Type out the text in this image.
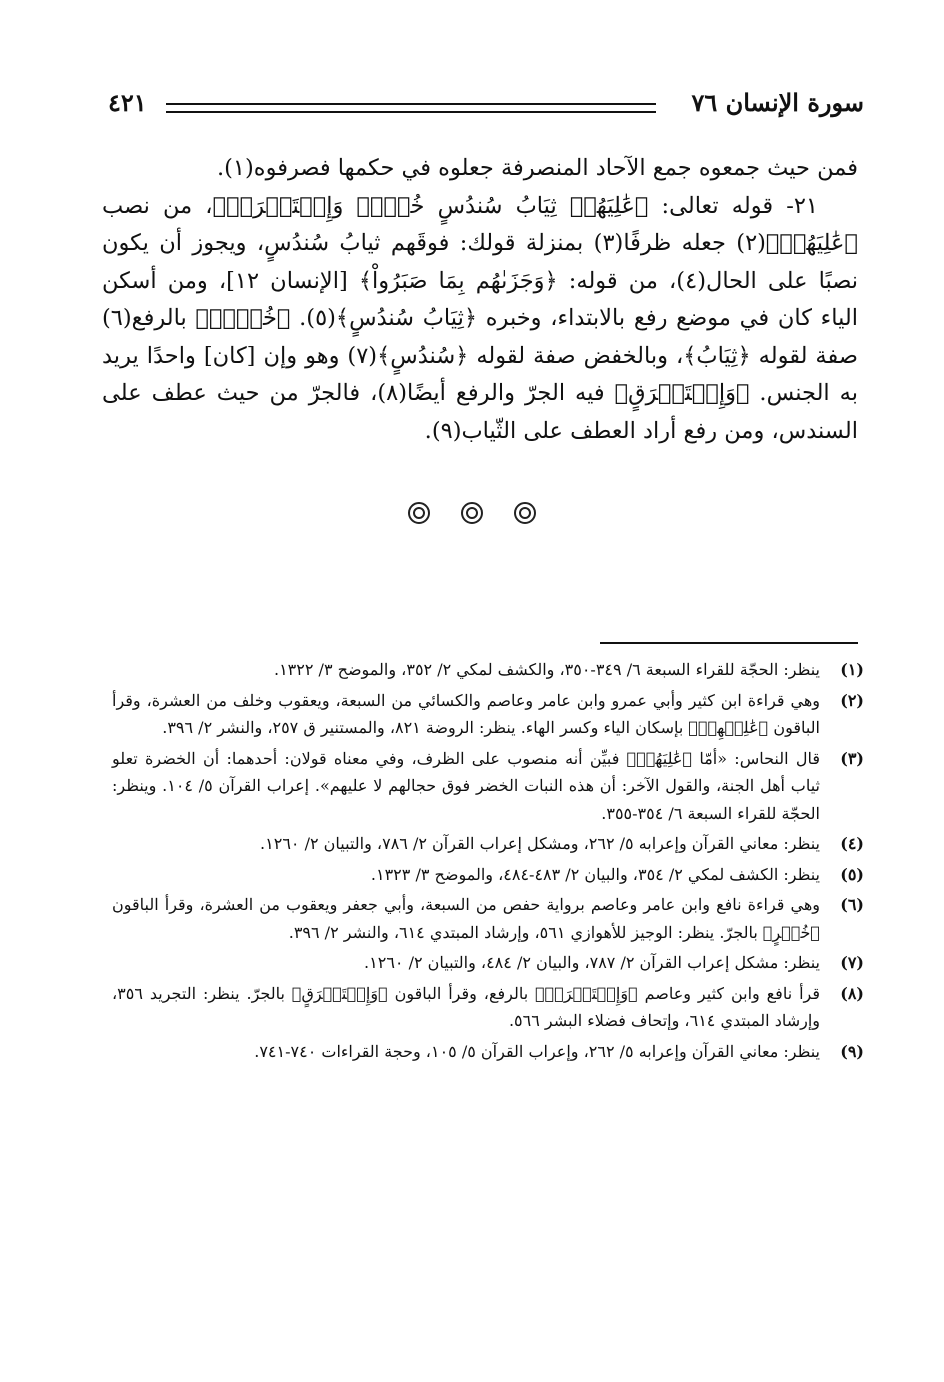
سورة الإنسان ٧٦
٤٢١

فمن حيث جمعوه جمع الآحاد المنصرفة جعلوه في حكمها فصرفوه(١).

٢١- قوله تعالى: ﴿عَٰلِيَهُمۡ ثِيَابُ سُندُسٍ خُضۡرٞ وَإِسۡتَبۡرَقٞ﴾، من نصب ﴿عَٰلِيَهُمۡ﴾(٢) جعله ظرفًا(٣) بمنزلة قولك: فوقَهم ثيابُ سُندُسٍ، ويجوز أن يكون نصبًا على الحال(٤)، من قوله: ﴿وَجَزَىٰهُم بِمَا صَبَرُواْ﴾ [الإنسان ١٢]، ومن أسكن الياء كان في موضع رفع بالابتداء، وخبره ﴿ثِيَابُ سُندُسٍ﴾(٥). ﴿خُضۡرٞ﴾ بالرفع(٦) صفة لقوله ﴿ثِيَابُ﴾، وبالخفض صفة لقوله ﴿سُندُسٍ﴾(٧) وهو وإن [كان] واحدًا يريد به الجنس. ﴿وَإِسۡتَبۡرَقٍ﴾ فيه الجرّ والرفع أيضًا(٨)، فالجرّ من حيث عطف على السندس، ومن رفع أراد العطف على الثّياب(٩).

(١)
ينظر: الحجّة للقراء السبعة ٦/ ٣٤٩-٣٥٠، والكشف لمكي ٢/ ٣٥٢، والموضح ٣/ ١٣٢٢.
(٢)
وهي قراءة ابن كثير وأبي عمرو وابن عامر وعاصم والكسائي من السبعة، ويعقوب وخلف من العشرة، وقرأ الباقون ﴿عَٰلِيۡهِمۡ﴾ بإسكان الياء وكسر الهاء. ينظر: الروضة ٨٢١، والمستنير ق ٢٥٧، والنشر ٢/ ٣٩٦.
(٣)
قال النحاس: «أمّا ﴿عَٰلِيَهُمۡ﴾ فبيِّن أنه منصوب على الظرف، وفي معناه قولان: أحدهما: أن الخضرة تعلو ثياب أهل الجنة، والقول الآخر: أن هذه النبات الخضر فوق حجالهم لا عليهم». إعراب القرآن ٥/ ١٠٤. وينظر: الحجّة للقراء السبعة ٦/ ٣٥٤-٣٥٥.
(٤)
ينظر: معاني القرآن وإعرابه ٥/ ٢٦٢، ومشكل إعراب القرآن ٢/ ٧٨٦، والتبيان ٢/ ١٢٦٠.
(٥)
ينظر: الكشف لمكي ٢/ ٣٥٤، والبيان ٢/ ٤٨٣-٤٨٤، والموضح ٣/ ١٣٢٣.
(٦)
وهي قراءة نافع وابن عامر وعاصم برواية حفص من السبعة، وأبي جعفر ويعقوب من العشرة، وقرأ الباقون ﴿خُضۡرٍ﴾ بالجرّ. ينظر: الوجيز للأهوازي ٥٦١، وإرشاد المبتدي ٦١٤، والنشر ٢/ ٣٩٦.
(٧)
ينظر: مشكل إعراب القرآن ٢/ ٧٨٧، والبيان ٢/ ٤٨٤، والتبيان ٢/ ١٢٦٠.
(٨)
قرأ نافع وابن كثير وعاصم ﴿وَإِسۡتَبۡرَقٞ﴾ بالرفع، وقرأ الباقون ﴿وَإِسۡتَبۡرَقٍ﴾ بالجرّ. ينظر: التجريد ٣٥٦، وإرشاد المبتدي ٦١٤، وإتحاف فضلاء البشر ٥٦٦.
(٩)
ينظر: معاني القرآن وإعرابه ٥/ ٢٦٢، وإعراب القرآن ٥/ ١٠٥، وحجة القراءات ٧٤٠-٧٤١.
